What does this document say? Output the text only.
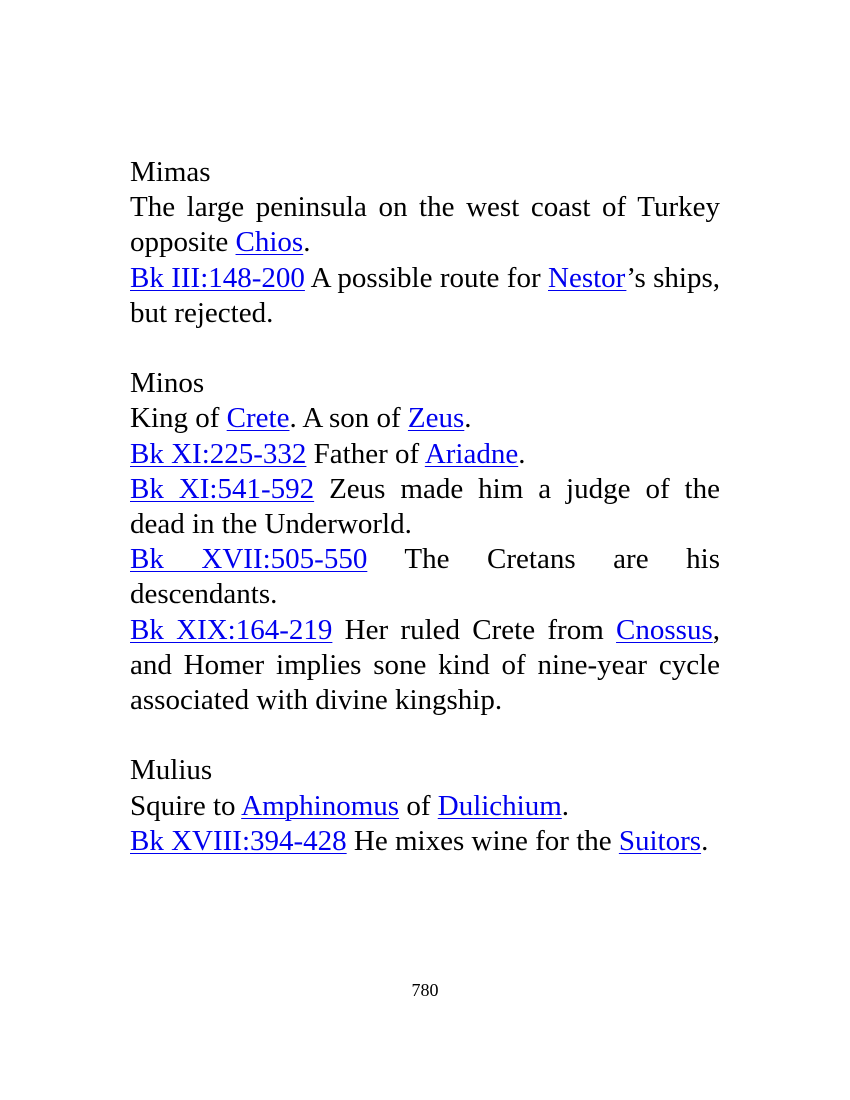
Mimas

The large peninsula on the west coast of Turkey opposite Chios.

Bk III:148-200 A possible route for Nestor’s ships, but rejected.

Minos

King of Crete. A son of Zeus.

Bk XI:225-332 Father of Ariadne.

Bk XI:541-592 Zeus made him a judge of the dead in the Underworld.

Bk XVII:505-550 The Cretans are his descendants.

Bk XIX:164-219 Her ruled Crete from Cnossus, and Homer implies sone kind of nine-year cycle associated with divine kingship.

Mulius

Squire to Amphinomus of Dulichium.

Bk XVIII:394-428 He mixes wine for the Suitors.

780
